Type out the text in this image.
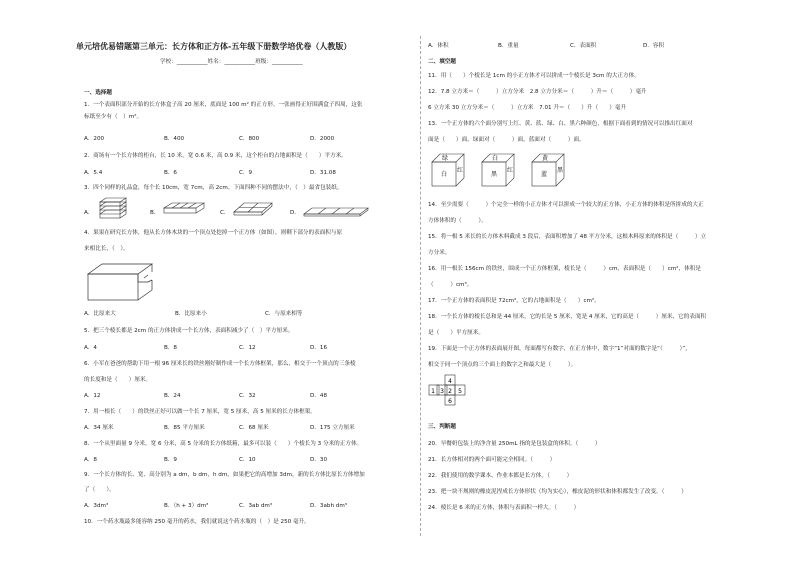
单元培优易错题第三单元：长方体和正方体-五年级下册数学培优卷（人教版）
学校：___________姓名：___________班级：___________
一、选择题
1．一个表面积部分开始的长方体盒子高 20 厘米，底面是 100 m² 的正方形，一张画得正好围满盒子四周，这张
标纸至少有（　）m²。
A．200	B．400	C．800	D．2000
2．商场有一个长方体的柜台，长 10 米，宽 0.6 米，高 0.9 米，这个柜台的占地面积是（　　）平方米。
A．5.4	B．6	C．9	D．31.08
3．四个同样的礼品盒，每个长 10cm，宽 7cm，高 2cm。下面四种不同的摆法中，（　）最省包装纸。
A．	B．	C．	D．
4．果果在研究长方体，他从长方体木块的一个顶点处挖掉一个正方体（如图），则剩下部分的表面积与原
来相比长，（　）。
A．比原来大	B．比原来小	C．与原来相等
5．把三个棱长都是 2cm 的正方体拼成一个长方体，表面积减少了（　）平方厘米。
A．4	B．8	C．12	D．16
6．小军在爸爸的帮助下用一根 96 厘米长的铁丝刚好制作成一个长方体框架，那么，相交于一个顶点的三条棱
的长度和是（　　）厘米。
A．12	B．24	C．32	D．48
7．用一根长（　　）的铁丝正好可以做一个长 7 厘米，宽 5 厘米，高 5 厘米的长方体框架。
A．34 厘米	B．85 平方厘米	C．68 厘米	D．175 立方厘米
8．一个从里面量 9 分米，宽 6 分米，高 5 分米的长方体纸箱，最多可以装（　　）个棱长为 3 分米的正方体。
A．8	B．9	C．10	D．30
9．一个长方体的长、宽、高分别为 a dm，b dm，h dm，如果把它的高增加 3dm，新的长方体比原长方体增加
了（　　）。
A．3dm³	B．（h + 3）dm³	C．3ab dm³	D．3abh dm³
10．一个药水瓶最多能容纳 250 毫升的药水，我们就说这个药水瓶的（　）是 250 毫升。
A．体积	B．重量	C．表面积	D．容积
二、填空题
11．用（　　）个棱长是 1cm 的小正方体才可以拼成一个棱长是 3cm 的大正方体。
12．7.8 立方米＝（　　　）立方分米　2.8 立方分米＝（　　　）升＝（　　　）毫升
6 立方米 30 立方分米＝（　　　）立方米　7.01 升＝（　　）升（　　）毫升
13．一个正方体的六个面分别写上红、黄、蓝、绿、白、黑六种颜色，根据下面看到的情况可以推出红面对
面是（　　）面，绿面对（　　　）面，蓝面对（　　　）面。
绿
白
红
白
黑
红
黄
蓝
黑
14．至少需要（　　　）个完全一样的小正方体才可以拼成一个较大的正方体，小正方体的体积是所拼成的大正
方体体积的（　　　）。
15．将一根 5 米长的长方体木料截成 3 段后，表面积增加了 48 平方分米，这根木料原来的体积是（　　　）立
方分米。
16．用一根长 156cm 的铁丝，围成一个正方体框架，棱长是（　　　）cm，表面积是（　　）cm²，体积是
（　　　）cm³。
17．一个正方体的表面积是 72cm²，它的占地面积是（　　）cm²。
18．一个长方体的棱长总和是 44 厘米，它的长是 5 厘米，宽是 4 厘米，它的高是（　　　）厘米，它的表面积
是（　　）平方厘米。
19．下面是一个正方体的表面展开图，每面都写有数字，在正方体中，数字“1”对面的数字是“（　　　）”，
相交于同一个顶点的三个面上的数字之和最大是（　　　）。
4
1 3 2 5
6
三、判断题
20．早餐奶包装上的净含量 250mL 指的是包装盒的体积。（　　　）
21．长方体相对的两个面可能完全相同。（　　　）
22．我们使用的数学课本、作业本都是长方体。（　　　）
23．把一块不规则的橡皮泥捏成长方体形状（均为实心），橡皮泥的形状和体积都发生了改变。（　　　）
24．棱长是 6 米的正方体，体积与表面积一样大。（　　　）
